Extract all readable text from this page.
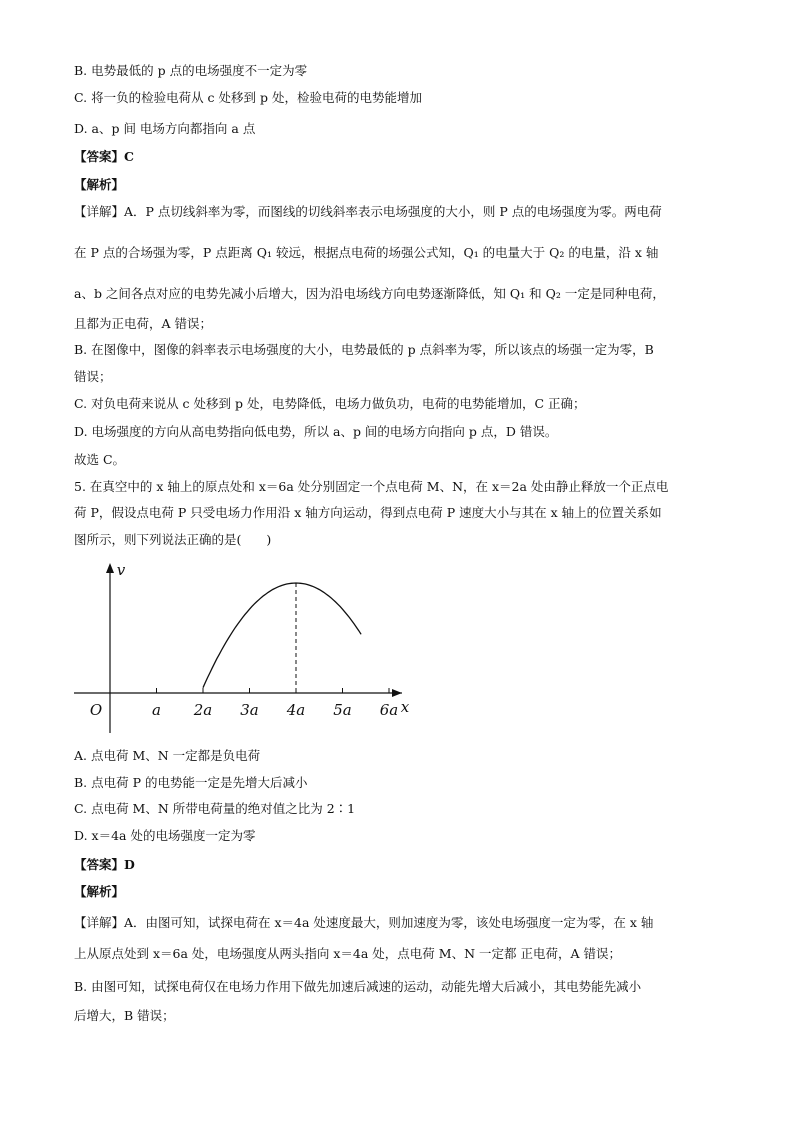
B. 电势最低的 p 点的电场强度不一定为零
C. 将一负的检验电荷从 c 处移到 p 处，检验电荷的电势能增加
D. a、p 间 电场方向都指向 a 点
【答案】C
【解析】
【详解】A．P 点切线斜率为零，而图线的切线斜率表示电场强度的大小，则 P 点的电场强度为零。两电荷
在 P 点的合场强为零，P 点距离 Q₁ 较远，根据点电荷的场强公式知，Q₁ 的电量大于 Q₂ 的电量，沿 x 轴
a、b 之间各点对应的电势先减小后增大，因为沿电场线方向电势逐渐降低，知 Q₁ 和 Q₂ 一定是同种电荷，
且都为正电荷，A 错误；
B. 在图像中，图像的斜率表示电场强度的大小，电势最低的 p 点斜率为零，所以该点的场强一定为零，B
错误；
C. 对负电荷来说从 c 处移到 p 处，电势降低，电场力做负功，电荷的电势能增加，C 正确；
D. 电场强度的方向从高电势指向低电势，所以 a、p 间的电场方向指向 p 点，D 错误。
故选 C。
5. 在真空中的 x 轴上的原点处和 x＝6a 处分别固定一个点电荷 M、N，在 x＝2a 处由静止释放一个正点电
荷 P，假设点电荷 P 只受电场力作用沿 x 轴方向运动，得到点电荷 P 速度大小与其在 x 轴上的位置关系如
图所示，则下列说法正确的是(　　)
A. 点电荷 M、N 一定都是负电荷
B. 点电荷 P 的电势能一定是先增大后减小
C. 点电荷 M、N 所带电荷量的绝对值之比为 2∶1
D. x＝4a 处的电场强度一定为零
【答案】D
【解析】
【详解】A．由图可知，试探电荷在 x＝4a 处速度最大，则加速度为零，该处电场强度一定为零，在 x 轴
上从原点处到 x＝6a 处，电场强度从两头指向 x＝4a 处，点电荷 M、N 一定都 正电荷，A 错误；
B. 由图可知，试探电荷仅在电场力作用下做先加速后减速的运动，动能先增大后减小，其电势能先减小
后增大，B 错误；
a 2a 3a 4a 5a 6a
O	x
v
